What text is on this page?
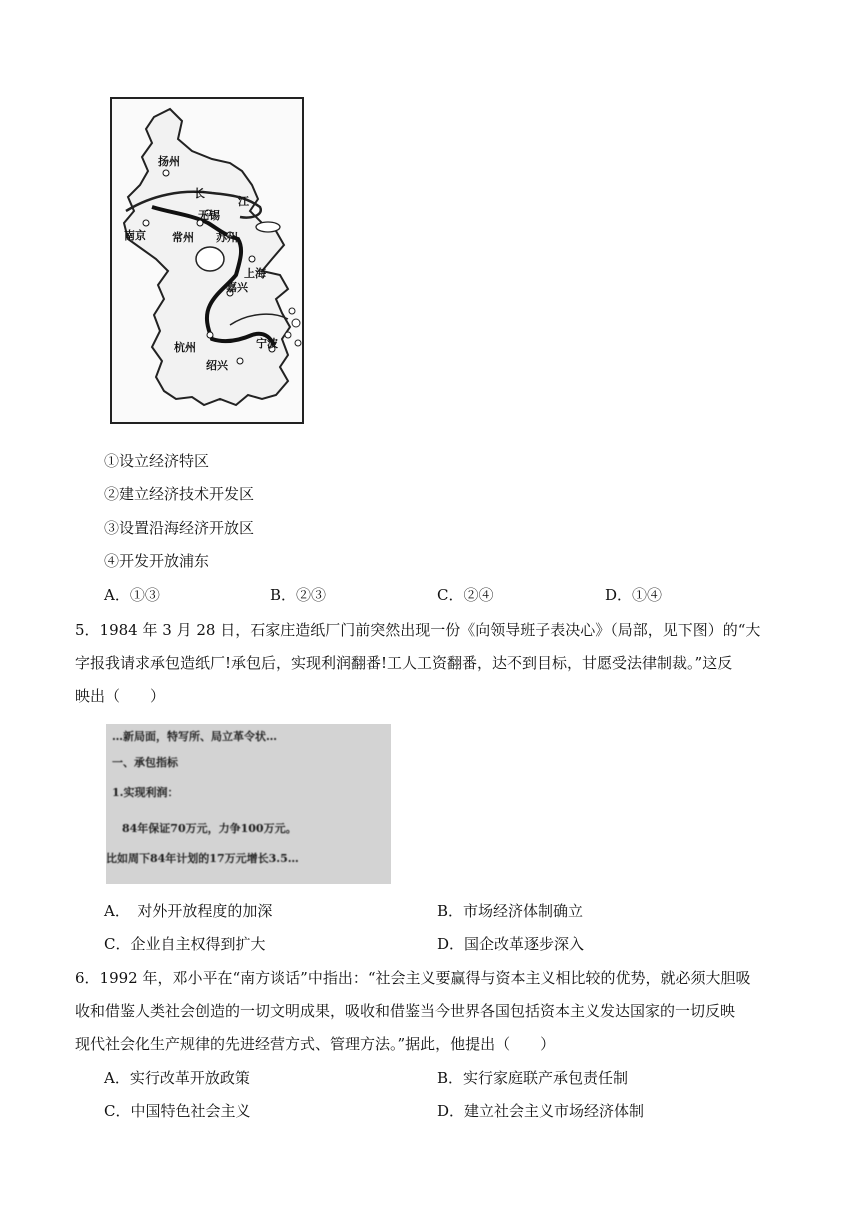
扬州
长
江
南京
无锡
常州 苏州
上海
嘉兴
杭州
绍兴
宁波
①设立经济特区
②建立经济技术开发区
③设置沿海经济开放区
④开发开放浦东
A．①③	B．②③	C．②④	D．①④
5．1984 年 3 月 28 日，石家庄造纸厂门前突然出现一份《向领导班子表决心》（局部，见下图）的“大
字报我请求承包造纸厂!承包后，实现利润翻番!工人工资翻番，达不到目标，甘愿受法律制裁。”这反
映出（　　）
…新局面，特写所、局立革令状…
一、承包指标
1.实现利润：
84年保证70万元，力争100万元。
比如周下84年计划的17万元增长3.5…
A．　对外开放程度的加深	B．市场经济体制确立
C．企业自主权得到扩大	D．国企改革逐步深入
6．1992 年，邓小平在“南方谈话”中指出：“社会主义要赢得与资本主义相比较的优势，就必须大胆吸
收和借鉴人类社会创造的一切文明成果，吸收和借鉴当今世界各国包括资本主义发达国家的一切反映
现代社会化生产规律的先进经营方式、管理方法。”据此，他提出（　　）
A．实行改革开放政策	B．实行家庭联产承包责任制
C．中国特色社会主义	D．建立社会主义市场经济体制
